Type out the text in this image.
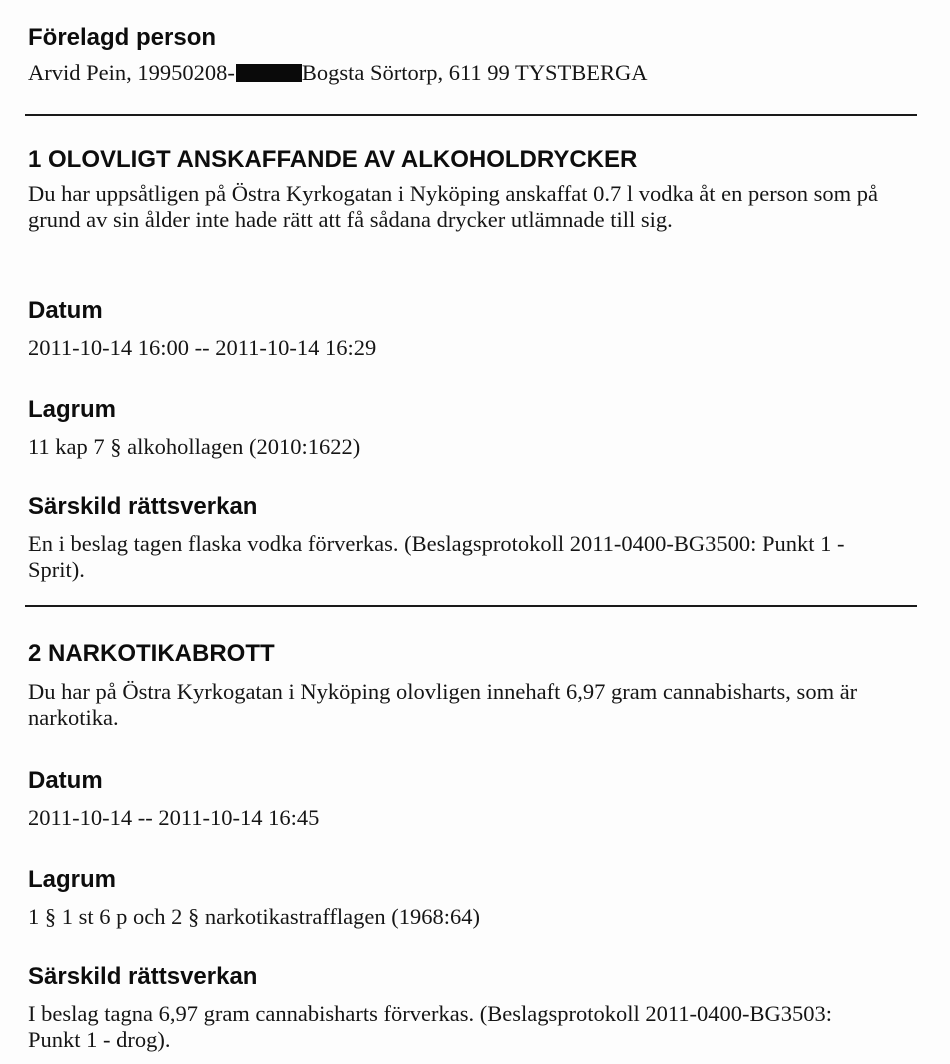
Förelagd person

Arvid Pein, 19950208-	Bogsta Sörtorp, 611 99 TYSTBERGA

1 OLOVLIGT ANSKAFFANDE AV ALKOHOLDRYCKER

Du har uppsåtligen på Östra Kyrkogatan i Nyköping anskaffat 0.7 l vodka åt en person som på grund av sin ålder inte hade rätt att få sådana drycker utlämnade till sig.

Datum

2011-10-14 16:00 -- 2011-10-14 16:29

Lagrum

11 kap 7 § alkohollagen (2010:1622)

Särskild rättsverkan

En i beslag tagen flaska vodka förverkas. (Beslagsprotokoll 2011-0400-BG3500: Punkt 1 - Sprit).

2 NARKOTIKABROTT

Du har på Östra Kyrkogatan i Nyköping olovligen innehaft 6,97 gram cannabisharts, som är narkotika.

Datum

2011-10-14 -- 2011-10-14 16:45

Lagrum

1 § 1 st 6 p och 2 § narkotikastrafflagen (1968:64)

Särskild rättsverkan

I beslag tagna 6,97 gram cannabisharts förverkas. (Beslagsprotokoll 2011-0400-BG3503: Punkt 1 - drog).
